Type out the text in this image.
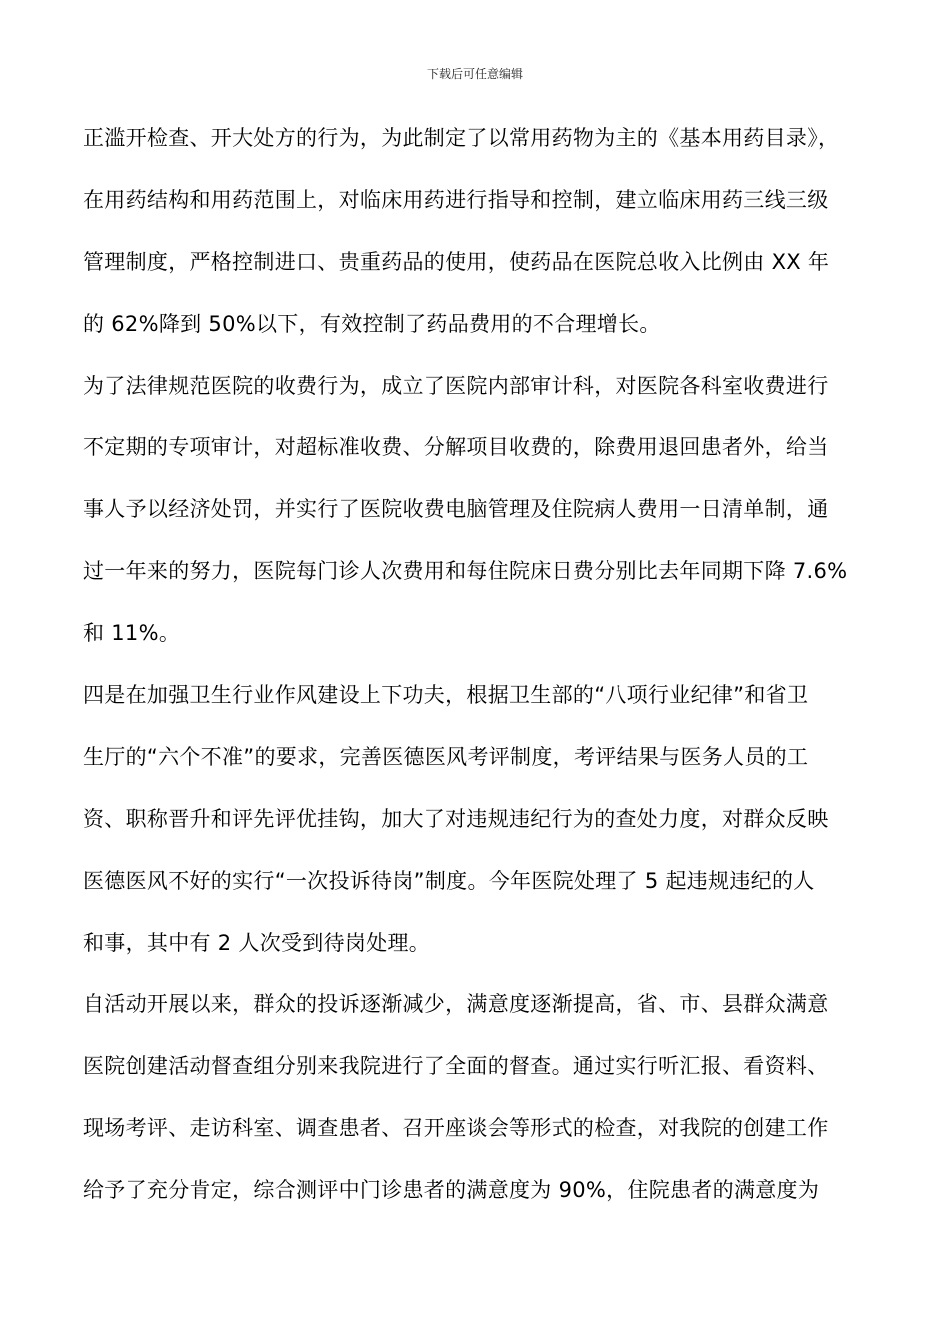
下载后可任意编辑
正滥开检查、开大处方的行为，为此制定了以常用药物为主的《基本用药目录》，
在用药结构和用药范围上，对临床用药进行指导和控制，建立临床用药三线三级
管理制度，严格控制进口、贵重药品的使用，使药品在医院总收入比例由 XX 年
的 62%降到 50%以下，有效控制了药品费用的不合理增长。
为了法律规范医院的收费行为，成立了医院内部审计科，对医院各科室收费进行
不定期的专项审计，对超标准收费、分解项目收费的，除费用退回患者外，给当
事人予以经济处罚，并实行了医院收费电脑管理及住院病人费用一日清单制，通
过一年来的努力，医院每门诊人次费用和每住院床日费分别比去年同期下降 7.6%
和 11%。
四是在加强卫生行业作风建设上下功夫，根据卫生部的“八项行业纪律”和省卫
生厅的“六个不准”的要求，完善医德医风考评制度，考评结果与医务人员的工
资、职称晋升和评先评优挂钩，加大了对违规违纪行为的查处力度，对群众反映
医德医风不好的实行“一次投诉待岗”制度。今年医院处理了 5 起违规违纪的人
和事，其中有 2 人次受到待岗处理。
自活动开展以来，群众的投诉逐渐减少，满意度逐渐提高，省、市、县群众满意
医院创建活动督查组分别来我院进行了全面的督查。通过实行听汇报、看资料、
现场考评、走访科室、调查患者、召开座谈会等形式的检查，对我院的创建工作
给予了充分肯定，综合测评中门诊患者的满意度为 90%，住院患者的满意度为
